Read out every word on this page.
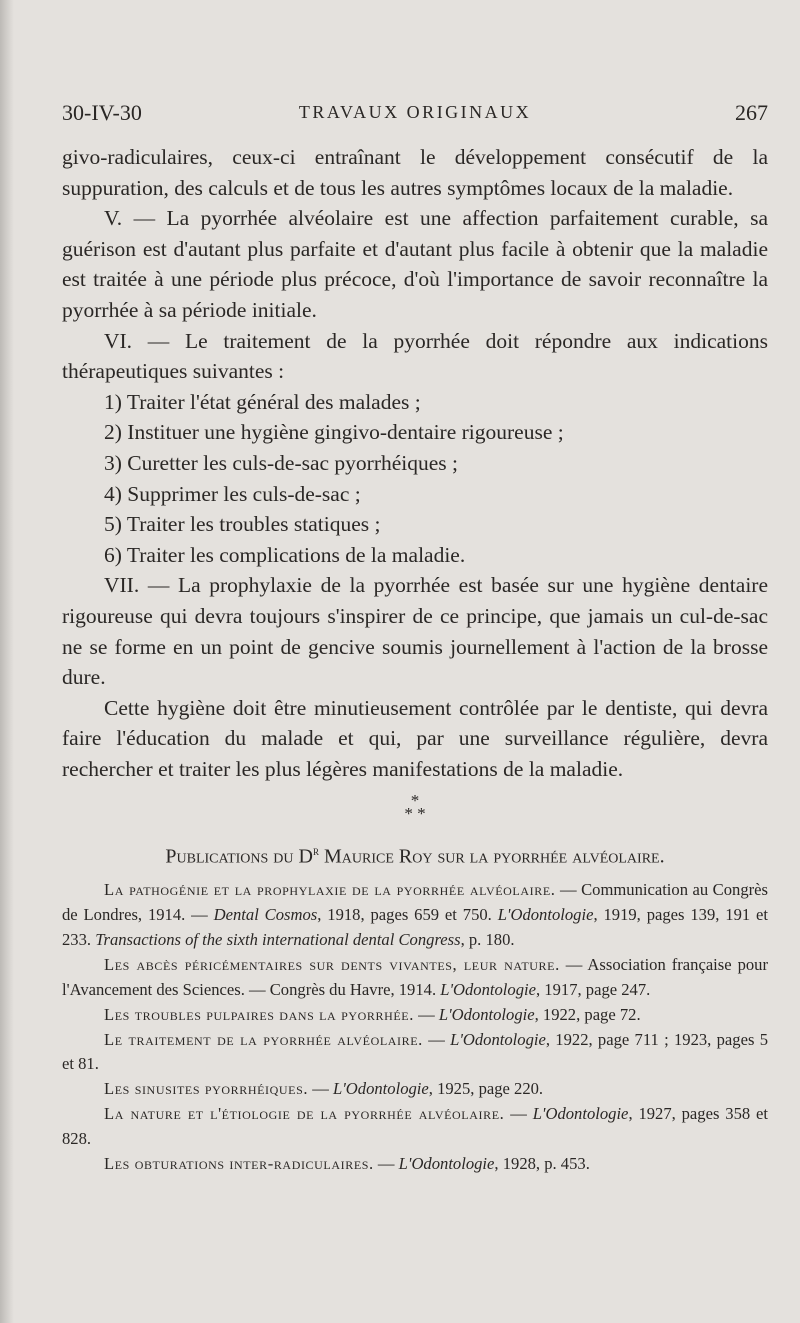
30-IV-30	TRAVAUX ORIGINAUX	267

givo-radiculaires, ceux-ci entraînant le développement consécutif de la suppuration, des calculs et de tous les autres symptômes locaux de la maladie.

V. — La pyorrhée alvéolaire est une affection parfaitement curable, sa guérison est d'autant plus parfaite et d'autant plus facile à obtenir que la maladie est traitée à une période plus précoce, d'où l'importance de savoir reconnaître la pyorrhée à sa période initiale.

VI. — Le traitement de la pyorrhée doit répondre aux indications thérapeutiques suivantes :

1) Traiter l'état général des malades ;

2) Instituer une hygiène gingivo-dentaire rigoureuse ;

3) Curetter les culs-de-sac pyorrhéiques ;

4) Supprimer les culs-de-sac ;

5) Traiter les troubles statiques ;

6) Traiter les complications de la maladie.

VII. — La prophylaxie de la pyorrhée est basée sur une hygiène dentaire rigoureuse qui devra toujours s'inspirer de ce principe, que jamais un cul-de-sac ne se forme en un point de gencive soumis journellement à l'action de la brosse dure.

Cette hygiène doit être minutieusement contrôlée par le dentiste, qui devra faire l'éducation du malade et qui, par une surveillance régulière, devra rechercher et traiter les plus légères manifestations de la maladie.

*
* *
Publications du $D^r$ Maurice Roy sur la pyorrhée alvéolaire.

La pathogénie et la prophylaxie de la pyorrhée alvéolaire. — Communication au Congrès de Londres, 1914. — Dental Cosmos, 1918, pages 659 et 750. L'Odontologie, 1919, pages 139, 191 et 233. Transactions of the sixth international dental Congress, p. 180.

Les abcès péricémentaires sur dents vivantes, leur nature. — Association française pour l'Avancement des Sciences. — Congrès du Havre, 1914. L'Odontologie, 1917, page 247.

Les troubles pulpaires dans la pyorrhée. — L'Odontologie, 1922, page 72.

Le traitement de la pyorrhée alvéolaire. — L'Odontologie, 1922, page 711 ; 1923, pages 5 et 81.

Les sinusites pyorrhéiques. — L'Odontologie, 1925, page 220.

La nature et l'étiologie de la pyorrhée alvéolaire. — L'Odontologie, 1927, pages 358 et 828.

Les obturations inter-radiculaires. — L'Odontologie, 1928, p. 453.
